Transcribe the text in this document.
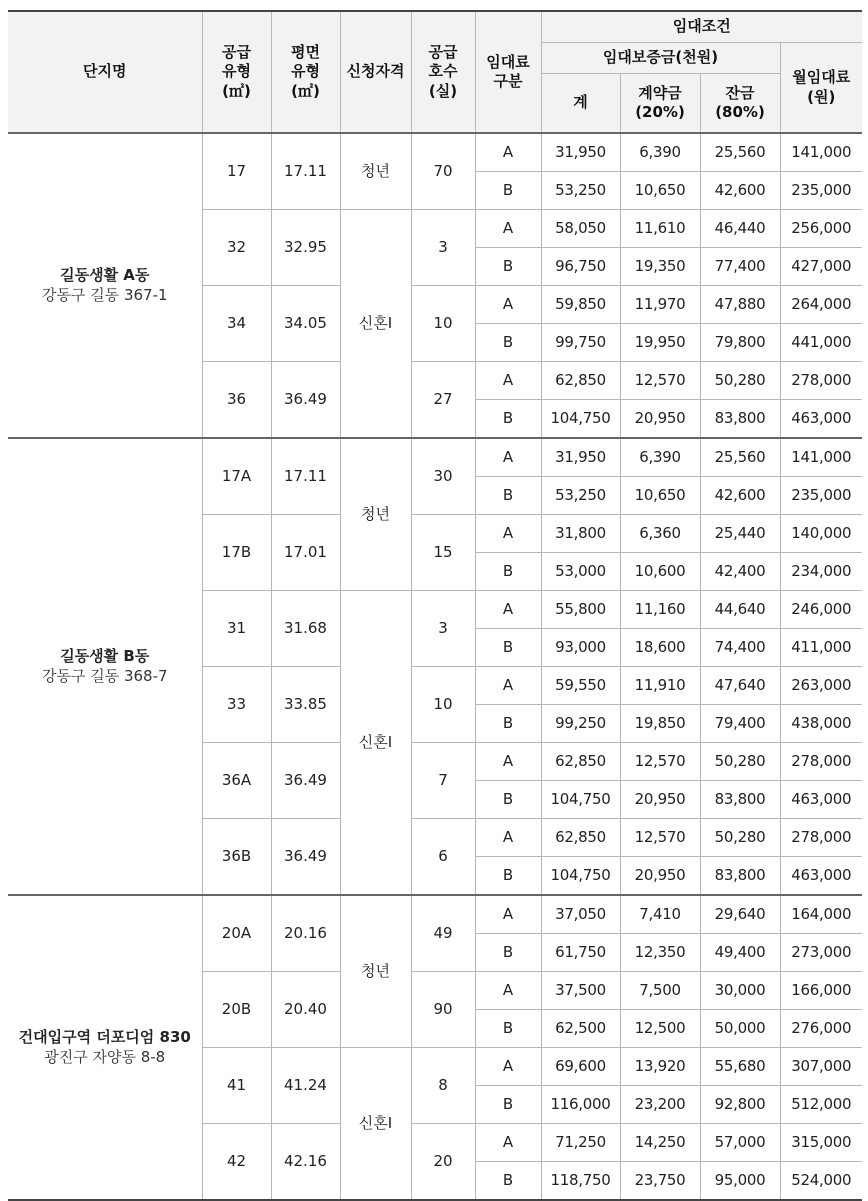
단지명	공급
유형
(㎡)	평면
유형
(㎡)	신청자격	공급
호수
(실)	임대료
구분	임대조건			
						임대보증금(천원)			월임대료
(원)
						계	계약금
(20%)	잔금
(80%)	

길동생활 A동
강동구 길동 367-1	17	17.11	청년	70	A	31,950	6,390	25,560	141,000
					B	53,250	10,650	42,600	235,000
	32	32.95	신혼Ⅰ	3	A	58,050	11,610	46,440	256,000
					B	96,750	19,350	77,400	427,000
	34	34.05		10	A	59,850	11,970	47,880	264,000
					B	99,750	19,950	79,800	441,000
	36	36.49		27	A	62,850	12,570	50,280	278,000
					B	104,750	20,950	83,800	463,000

길동생활 B동
강동구 길동 368-7	17A	17.11	청년	30	A	31,950	6,390	25,560	141,000
					B	53,250	10,650	42,600	235,000
	17B	17.01		15	A	31,800	6,360	25,440	140,000
					B	53,000	10,600	42,400	234,000
	31	31.68	신혼Ⅰ	3	A	55,800	11,160	44,640	246,000
					B	93,000	18,600	74,400	411,000
	33	33.85		10	A	59,550	11,910	47,640	263,000
					B	99,250	19,850	79,400	438,000
	36A	36.49		7	A	62,850	12,570	50,280	278,000
					B	104,750	20,950	83,800	463,000
	36B	36.49		6	A	62,850	12,570	50,280	278,000
					B	104,750	20,950	83,800	463,000

건대입구역 더포디엄 830
광진구 자양동 8-8	20A	20.16	청년	49	A	37,050	7,410	29,640	164,000
					B	61,750	12,350	49,400	273,000
	20B	20.40		90	A	37,500	7,500	30,000	166,000
					B	62,500	12,500	50,000	276,000
	41	41.24	신혼Ⅰ	8	A	69,600	13,920	55,680	307,000
					B	116,000	23,200	92,800	512,000
	42	42.16		20	A	71,250	14,250	57,000	315,000
					B	118,750	23,750	95,000	524,000
